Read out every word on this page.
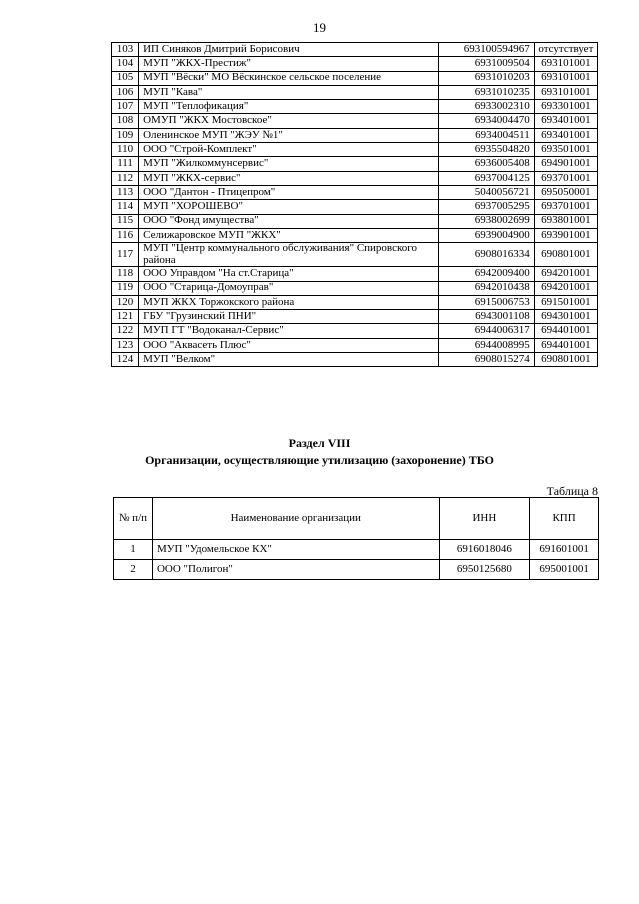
19
103	ИП Синяков Дмитрий Борисович	693100594967	отсутствует
104	МУП "ЖКХ-Престиж"	6931009504	693101001
105	МУП "Вёски" МО Вёскинское сельское поселение	6931010203	693101001
106	МУП "Кава"	6931010235	693101001
107	МУП "Теплофикация"	6933002310	693301001
108	ОМУП "ЖКХ Мостовское"	6934004470	693401001
109	Оленинское МУП "ЖЭУ №1"	6934004511	693401001
110	ООО "Строй-Комплект"	6935504820	693501001
111	МУП "Жилкоммунсервис"	6936005408	694901001
112	МУП "ЖКХ-сервис"	6937004125	693701001
113	ООО "Дантон - Птицепром"	5040056721	695050001
114	МУП "ХОРОШЕВО"	6937005295	693701001
115	ООО "Фонд имущества"	6938002699	693801001
116	Селижаровское МУП "ЖКХ"	6939004900	693901001
117	МУП "Центр коммунального обслуживания" Спировского района	6908016334	690801001
118	ООО Управдом "На ст.Старица"	6942009400	694201001
119	ООО "Старица-Домоуправ"	6942010438	694201001
120	МУП ЖКХ Торжокского района	6915006753	691501001
121	ГБУ "Грузинский ПНИ"	6943001108	694301001
122	МУП ГТ "Водоканал-Сервис"	6944006317	694401001
123	ООО "Аквасеть Плюс"	6944008995	694401001
124	МУП "Велком"	6908015274	690801001
Раздел VIII
Организации, осуществляющие утилизацию (захоронение) ТБО
Таблица 8
№ п/п	Наименование организации	ИНН	КПП
1	МУП "Удомельское КХ"	6916018046	691601001
2	ООО "Полигон"	6950125680	695001001
